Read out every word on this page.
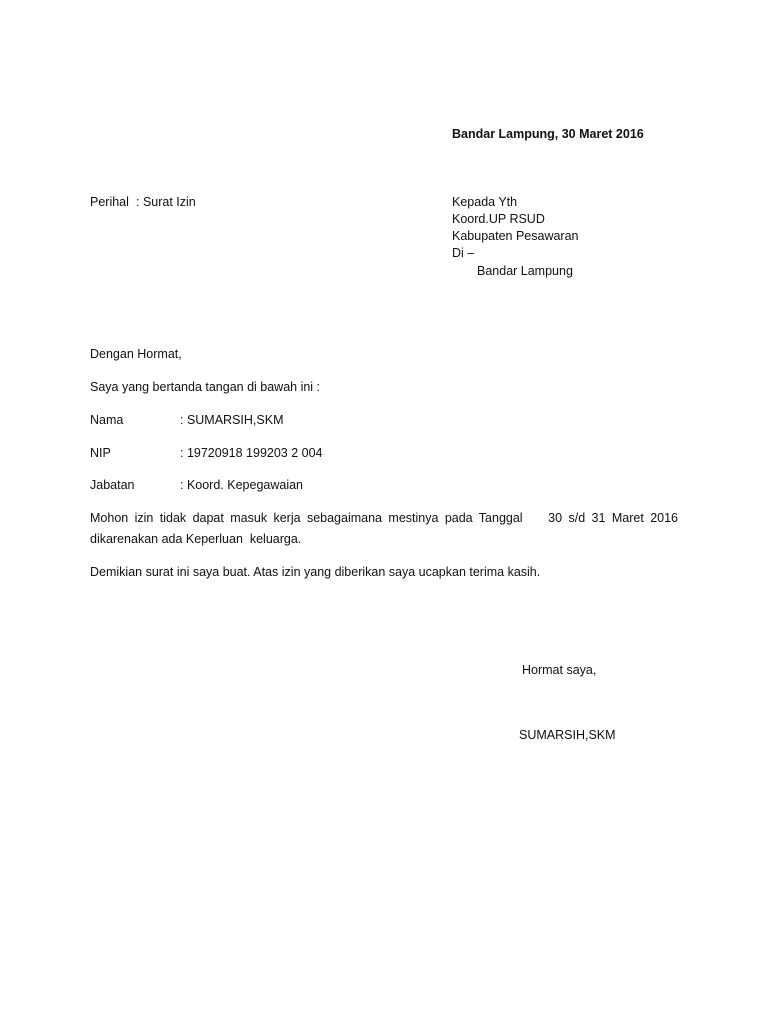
Bandar Lampung, 30 Maret 2016
Perihal : Surat Izin	Kepada Yth
Koord.UP RSUD
Kabupaten Pesawaran
Di –
Bandar Lampung
Dengan Hormat,
Saya yang bertanda tangan di bawah ini :
Nama	: SUMARSIH,SKM
NIP	: 19720918 199203 2 004
Jabatan	: Koord. Kepegawaian
Mohon izin tidak dapat masuk kerja sebagaimana mestinya pada Tanggal    30 s/d 31 Maret 2016 dikarenakan ada Keperluan  keluarga.
Demikian surat ini saya buat. Atas izin yang diberikan saya ucapkan terima kasih.
Hormat saya,
SUMARSIH,SKM
